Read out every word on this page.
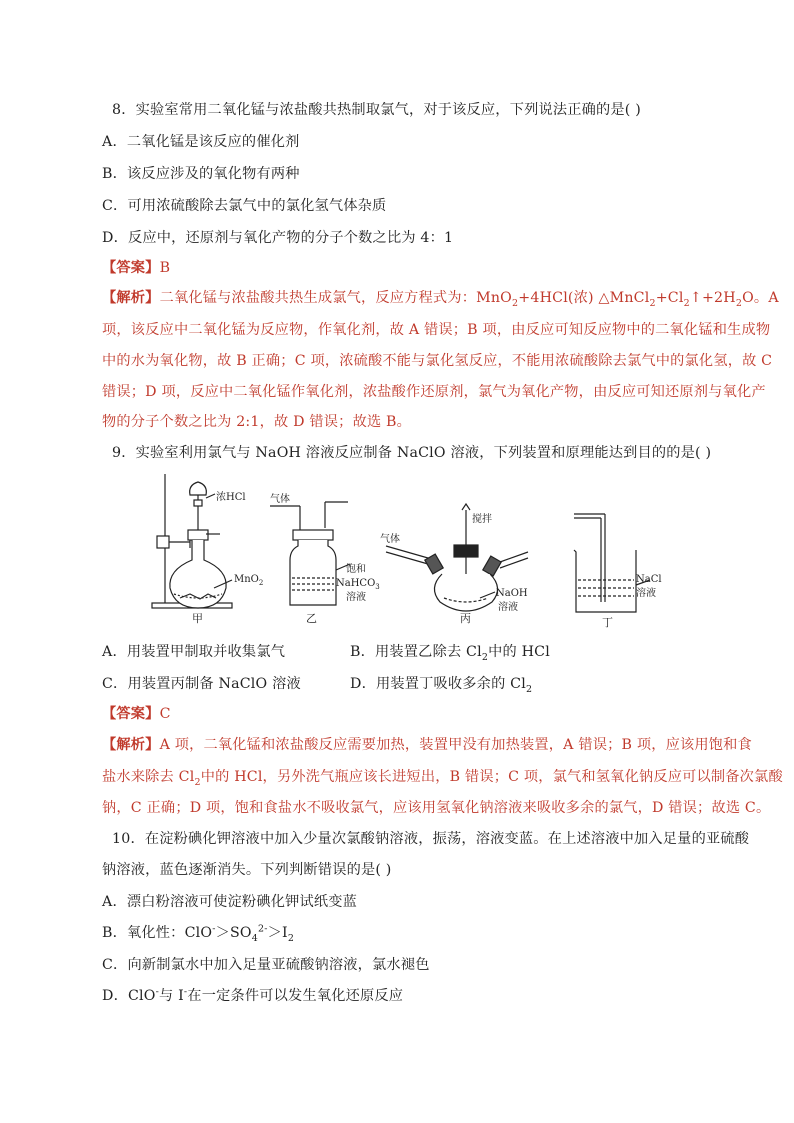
8．实验室常用二氧化锰与浓盐酸共热制取氯气，对于该反应，下列说法正确的是( )
A．二氧化锰是该反应的催化剂
B．该反应涉及的氧化物有两种
C．可用浓硫酸除去氯气中的氯化氢气体杂质
D．反应中，还原剂与氧化产物的分子个数之比为 4：1
【答案】B
【解析】二氧化锰与浓盐酸共热生成氯气，反应方程式为：MnO$_2$+4HCl(浓) $\triangle MnCl_2+Cl_2↑+2H_2O$。A
项，该反应中二氧化锰为反应物，作氧化剂，故 A 错误；B 项，由反应可知反应物中的二氧化锰和生成物
中的水为氧化物，故 B 正确；C 项，浓硫酸不能与氯化氢反应，不能用浓硫酸除去氯气中的氯化氢，故 C
错误；D 项，反应中二氧化锰作氧化剂，浓盐酸作还原剂，氯气为氧化产物，由反应可知还原剂与氧化产
物的分子个数之比为 2:1，故 D 错误；故选 B。
9．实验室利用氯气与 NaOH 溶液反应制备 NaClO 溶液，下列装置和原理能达到目的的是( )
浓HCl
MnO$_2$
甲
气体
饱和
NaHCO$_3$
溶液
乙
气体
搅拌
NaOH
溶液
丙
NaCl
溶液
丁
A．用装置甲制取并收集氯气	B．用装置乙除去 $Cl_2$中的 HCl
C．用装置丙制备 NaClO 溶液	D．用装置丁吸收多余的 $Cl_2$
【答案】C
【解析】A 项，二氧化锰和浓盐酸反应需要加热，装置甲没有加热装置，A 错误；B 项，应该用饱和食
盐水来除去 $Cl_2$中的 HCl，另外洗气瓶应该长进短出，B 错误；C 项，氯气和氢氧化钠反应可以制备次氯酸
钠，C 正确；D 项，饱和食盐水不吸收氯气，应该用氢氧化钠溶液来吸收多余的氯气，D 错误；故选 C。
10．在淀粉碘化钾溶液中加入少量次氯酸钠溶液，振荡，溶液变蓝。在上述溶液中加入足量的亚硫酸
钠溶液，蓝色逐渐消失。下列判断错误的是( )
A．漂白粉溶液可使淀粉碘化钾试纸变蓝
B．氧化性：$ClO^->SO_4^{2-}>I_2$
C．向新制氯水中加入足量亚硫酸钠溶液，氯水褪色
D．ClO-与 I-在一定条件可以发生氧化还原反应
